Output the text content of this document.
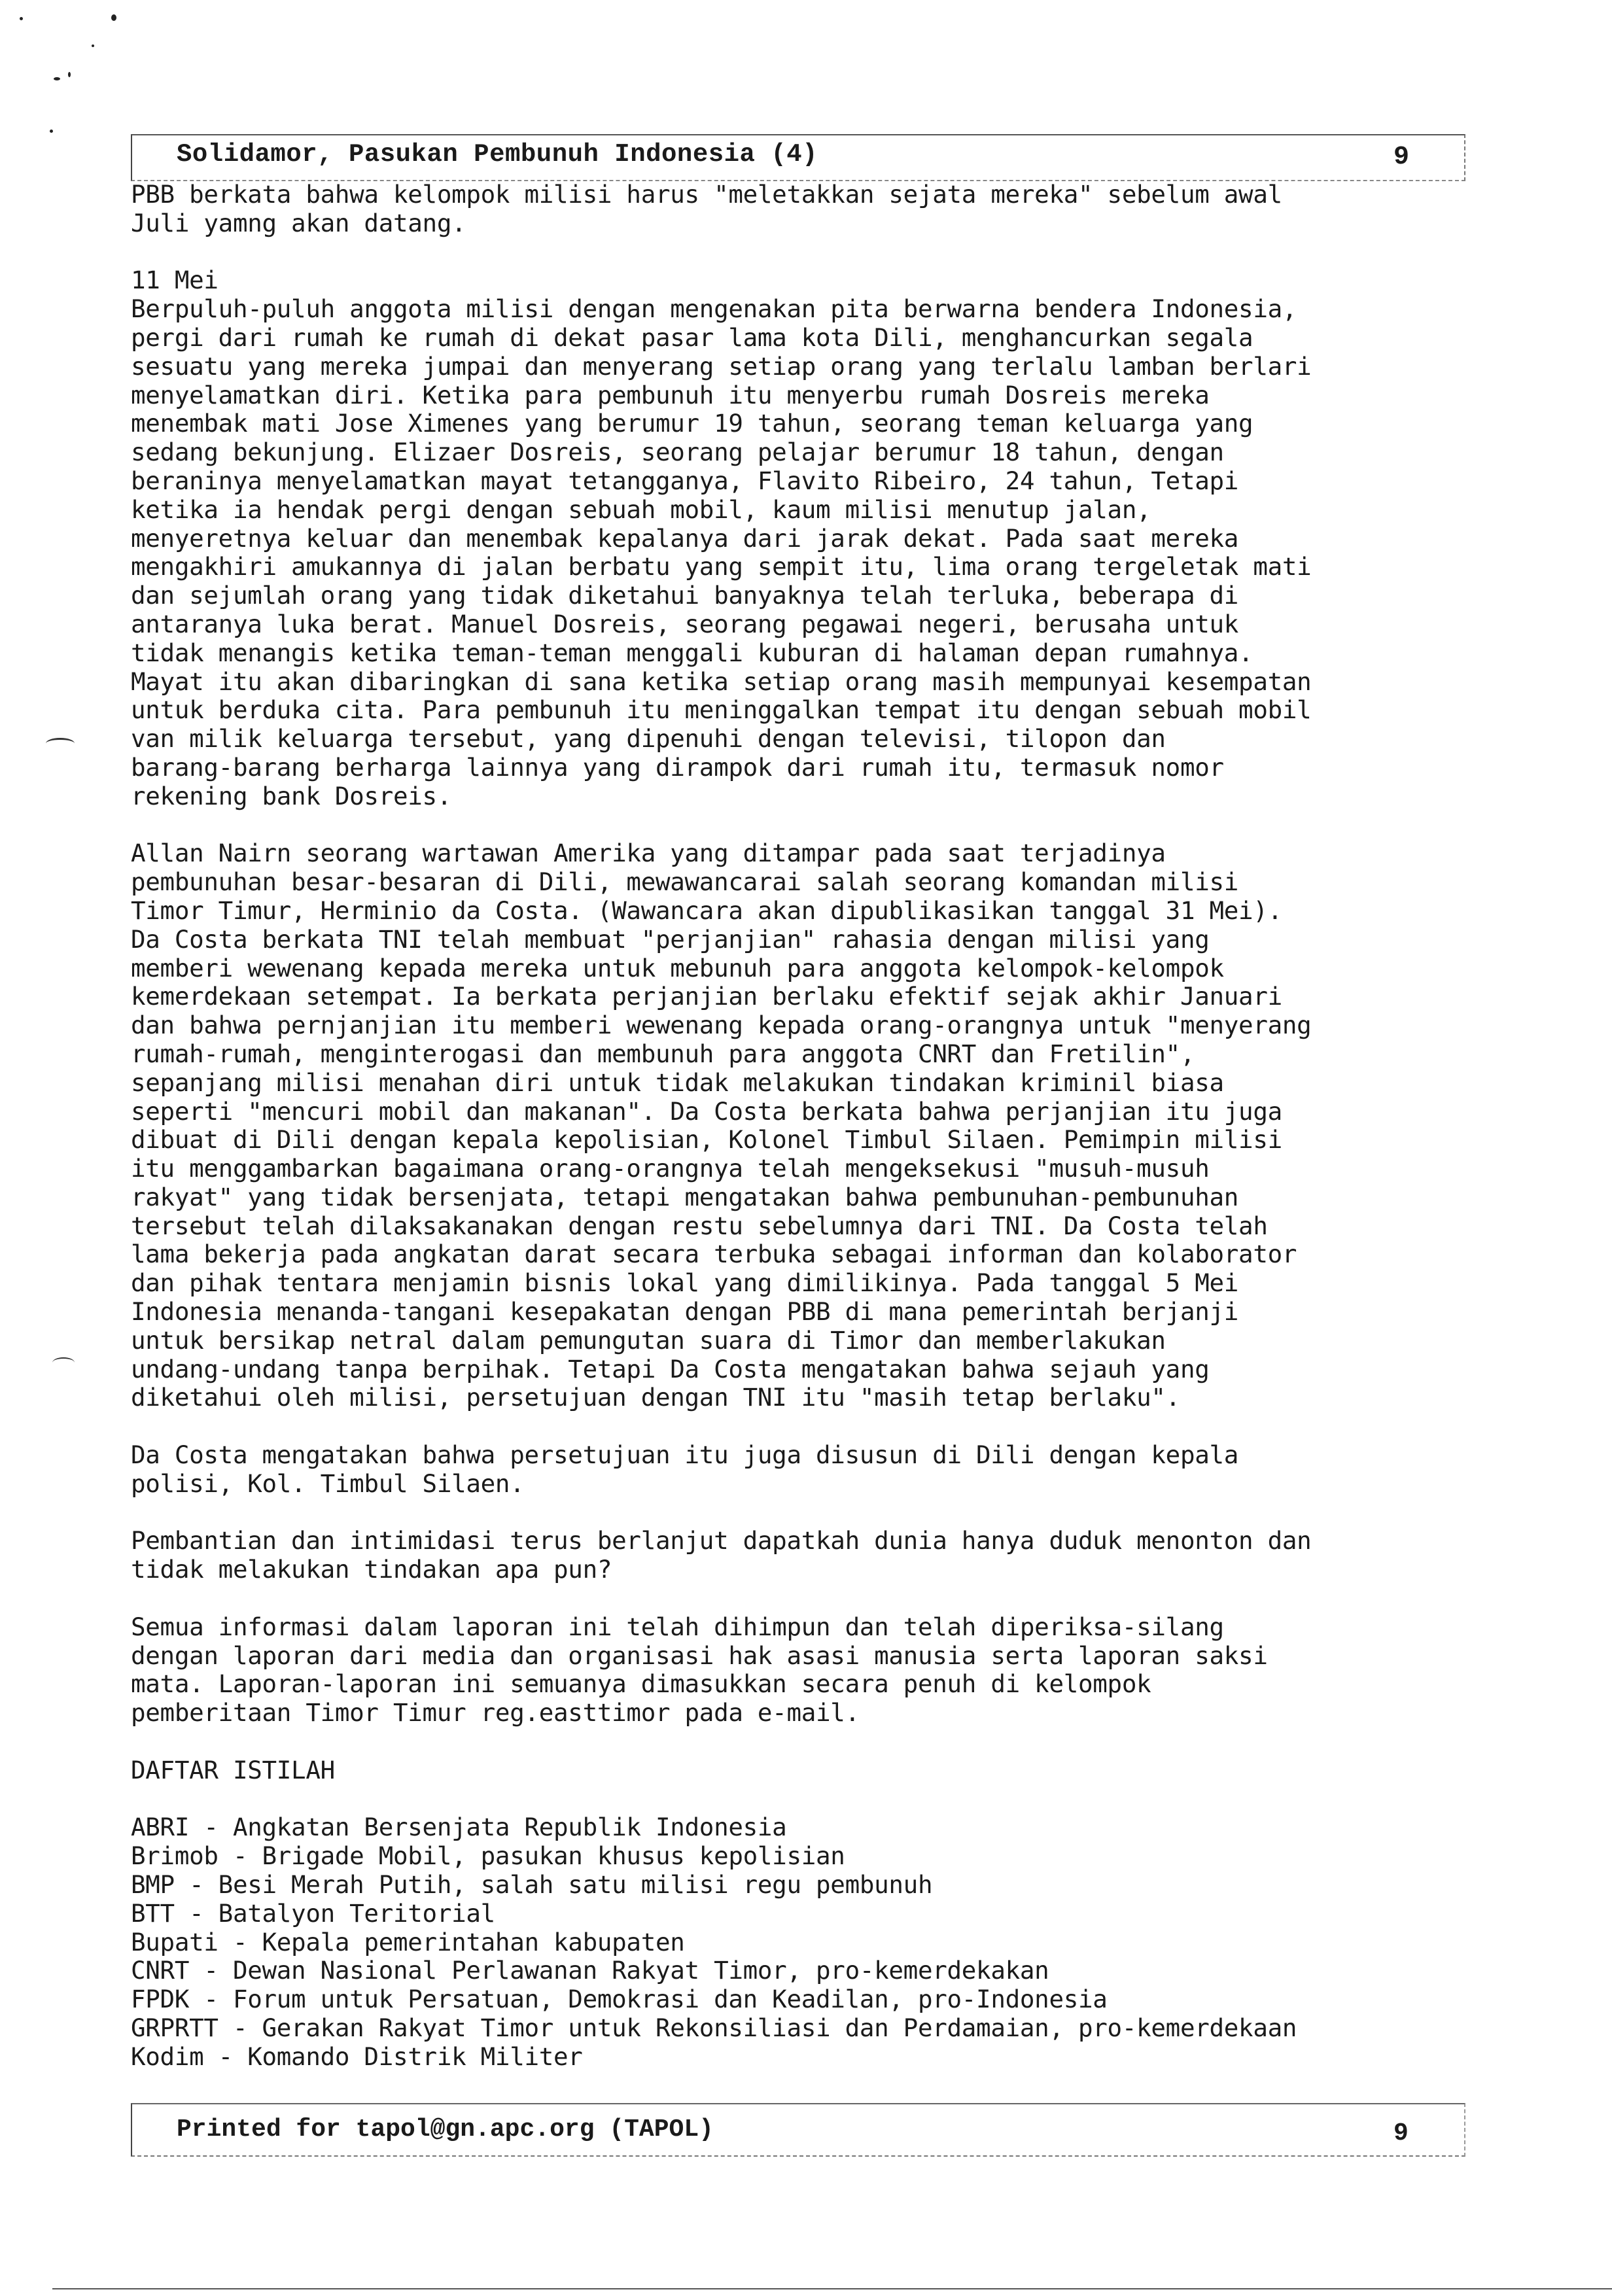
Solidamor, Pasukan Pembunuh Indonesia (4)	9
PBB berkata bahwa kelompok milisi harus "meletakkan sejata mereka" sebelum awal
Juli yamng akan datang.
11 Mei
Berpuluh-puluh anggota milisi dengan mengenakan pita berwarna bendera Indonesia,
pergi dari rumah ke rumah di dekat pasar lama kota Dili, menghancurkan segala
sesuatu yang mereka jumpai dan menyerang setiap orang yang terlalu lamban berlari
menyelamatkan diri. Ketika para pembunuh itu menyerbu rumah Dosreis mereka
menembak mati Jose Ximenes yang berumur 19 tahun, seorang teman keluarga yang
sedang bekunjung. Elizaer Dosreis, seorang pelajar berumur 18 tahun, dengan
beraninya menyelamatkan mayat tetangganya, Flavito Ribeiro, 24 tahun, Tetapi
ketika ia hendak pergi dengan sebuah mobil, kaum milisi menutup jalan,
menyeretnya keluar dan menembak kepalanya dari jarak dekat. Pada saat mereka
mengakhiri amukannya di jalan berbatu yang sempit itu, lima orang tergeletak mati
dan sejumlah orang yang tidak diketahui banyaknya telah terluka, beberapa di
antaranya luka berat. Manuel Dosreis, seorang pegawai negeri, berusaha untuk
tidak menangis ketika teman-teman menggali kuburan di halaman depan rumahnya.
Mayat itu akan dibaringkan di sana ketika setiap orang masih mempunyai kesempatan
untuk berduka cita. Para pembunuh itu meninggalkan tempat itu dengan sebuah mobil
van milik keluarga tersebut, yang dipenuhi dengan televisi, tilopon dan
barang-barang berharga lainnya yang dirampok dari rumah itu, termasuk nomor
rekening bank Dosreis.
Allan Nairn seorang wartawan Amerika yang ditampar pada saat terjadinya
pembunuhan besar-besaran di Dili, mewawancarai salah seorang komandan milisi
Timor Timur, Herminio da Costa. (Wawancara akan dipublikasikan tanggal 31 Mei).
Da Costa berkata TNI telah membuat "perjanjian" rahasia dengan milisi yang
memberi wewenang kepada mereka untuk mebunuh para anggota kelompok-kelompok
kemerdekaan setempat. Ia berkata perjanjian berlaku efektif sejak akhir Januari
dan bahwa pernjanjian itu memberi wewenang kepada orang-orangnya untuk "menyerang
rumah-rumah, menginterogasi dan membunuh para anggota CNRT dan Fretilin",
sepanjang milisi menahan diri untuk tidak melakukan tindakan kriminil biasa
seperti "mencuri mobil dan makanan". Da Costa berkata bahwa perjanjian itu juga
dibuat di Dili dengan kepala kepolisian, Kolonel Timbul Silaen. Pemimpin milisi
itu menggambarkan bagaimana orang-orangnya telah mengeksekusi "musuh-musuh
rakyat" yang tidak bersenjata, tetapi mengatakan bahwa pembunuhan-pembunuhan
tersebut telah dilaksakanakan dengan restu sebelumnya dari TNI. Da Costa telah
lama bekerja pada angkatan darat secara terbuka sebagai informan dan kolaborator
dan pihak tentara menjamin bisnis lokal yang dimilikinya. Pada tanggal 5 Mei
Indonesia menanda-tangani kesepakatan dengan PBB di mana pemerintah berjanji
untuk bersikap netral dalam pemungutan suara di Timor dan memberlakukan
undang-undang tanpa berpihak. Tetapi Da Costa mengatakan bahwa sejauh yang
diketahui oleh milisi, persetujuan dengan TNI itu "masih tetap berlaku".
Da Costa mengatakan bahwa persetujuan itu juga disusun di Dili dengan kepala
polisi, Kol. Timbul Silaen.
Pembantian dan intimidasi terus berlanjut dapatkah dunia hanya duduk menonton dan
tidak melakukan tindakan apa pun?
Semua informasi dalam laporan ini telah dihimpun dan telah diperiksa-silang
dengan laporan dari media dan organisasi hak asasi manusia serta laporan saksi
mata. Laporan-laporan ini semuanya dimasukkan secara penuh di kelompok
pemberitaan Timor Timur reg.easttimor pada e-mail.
DAFTAR ISTILAH
ABRI - Angkatan Bersenjata Republik Indonesia
Brimob - Brigade Mobil, pasukan khusus kepolisian
BMP - Besi Merah Putih, salah satu milisi regu pembunuh
BTT - Batalyon Teritorial
Bupati - Kepala pemerintahan kabupaten
CNRT - Dewan Nasional Perlawanan Rakyat Timor, pro-kemerdekakan
FPDK - Forum untuk Persatuan, Demokrasi dan Keadilan, pro-Indonesia
GRPRTT - Gerakan Rakyat Timor untuk Rekonsiliasi dan Perdamaian, pro-kemerdekaan
Kodim - Komando Distrik Militer
Printed for tapol@gn.apc.org (TAPOL)	9
